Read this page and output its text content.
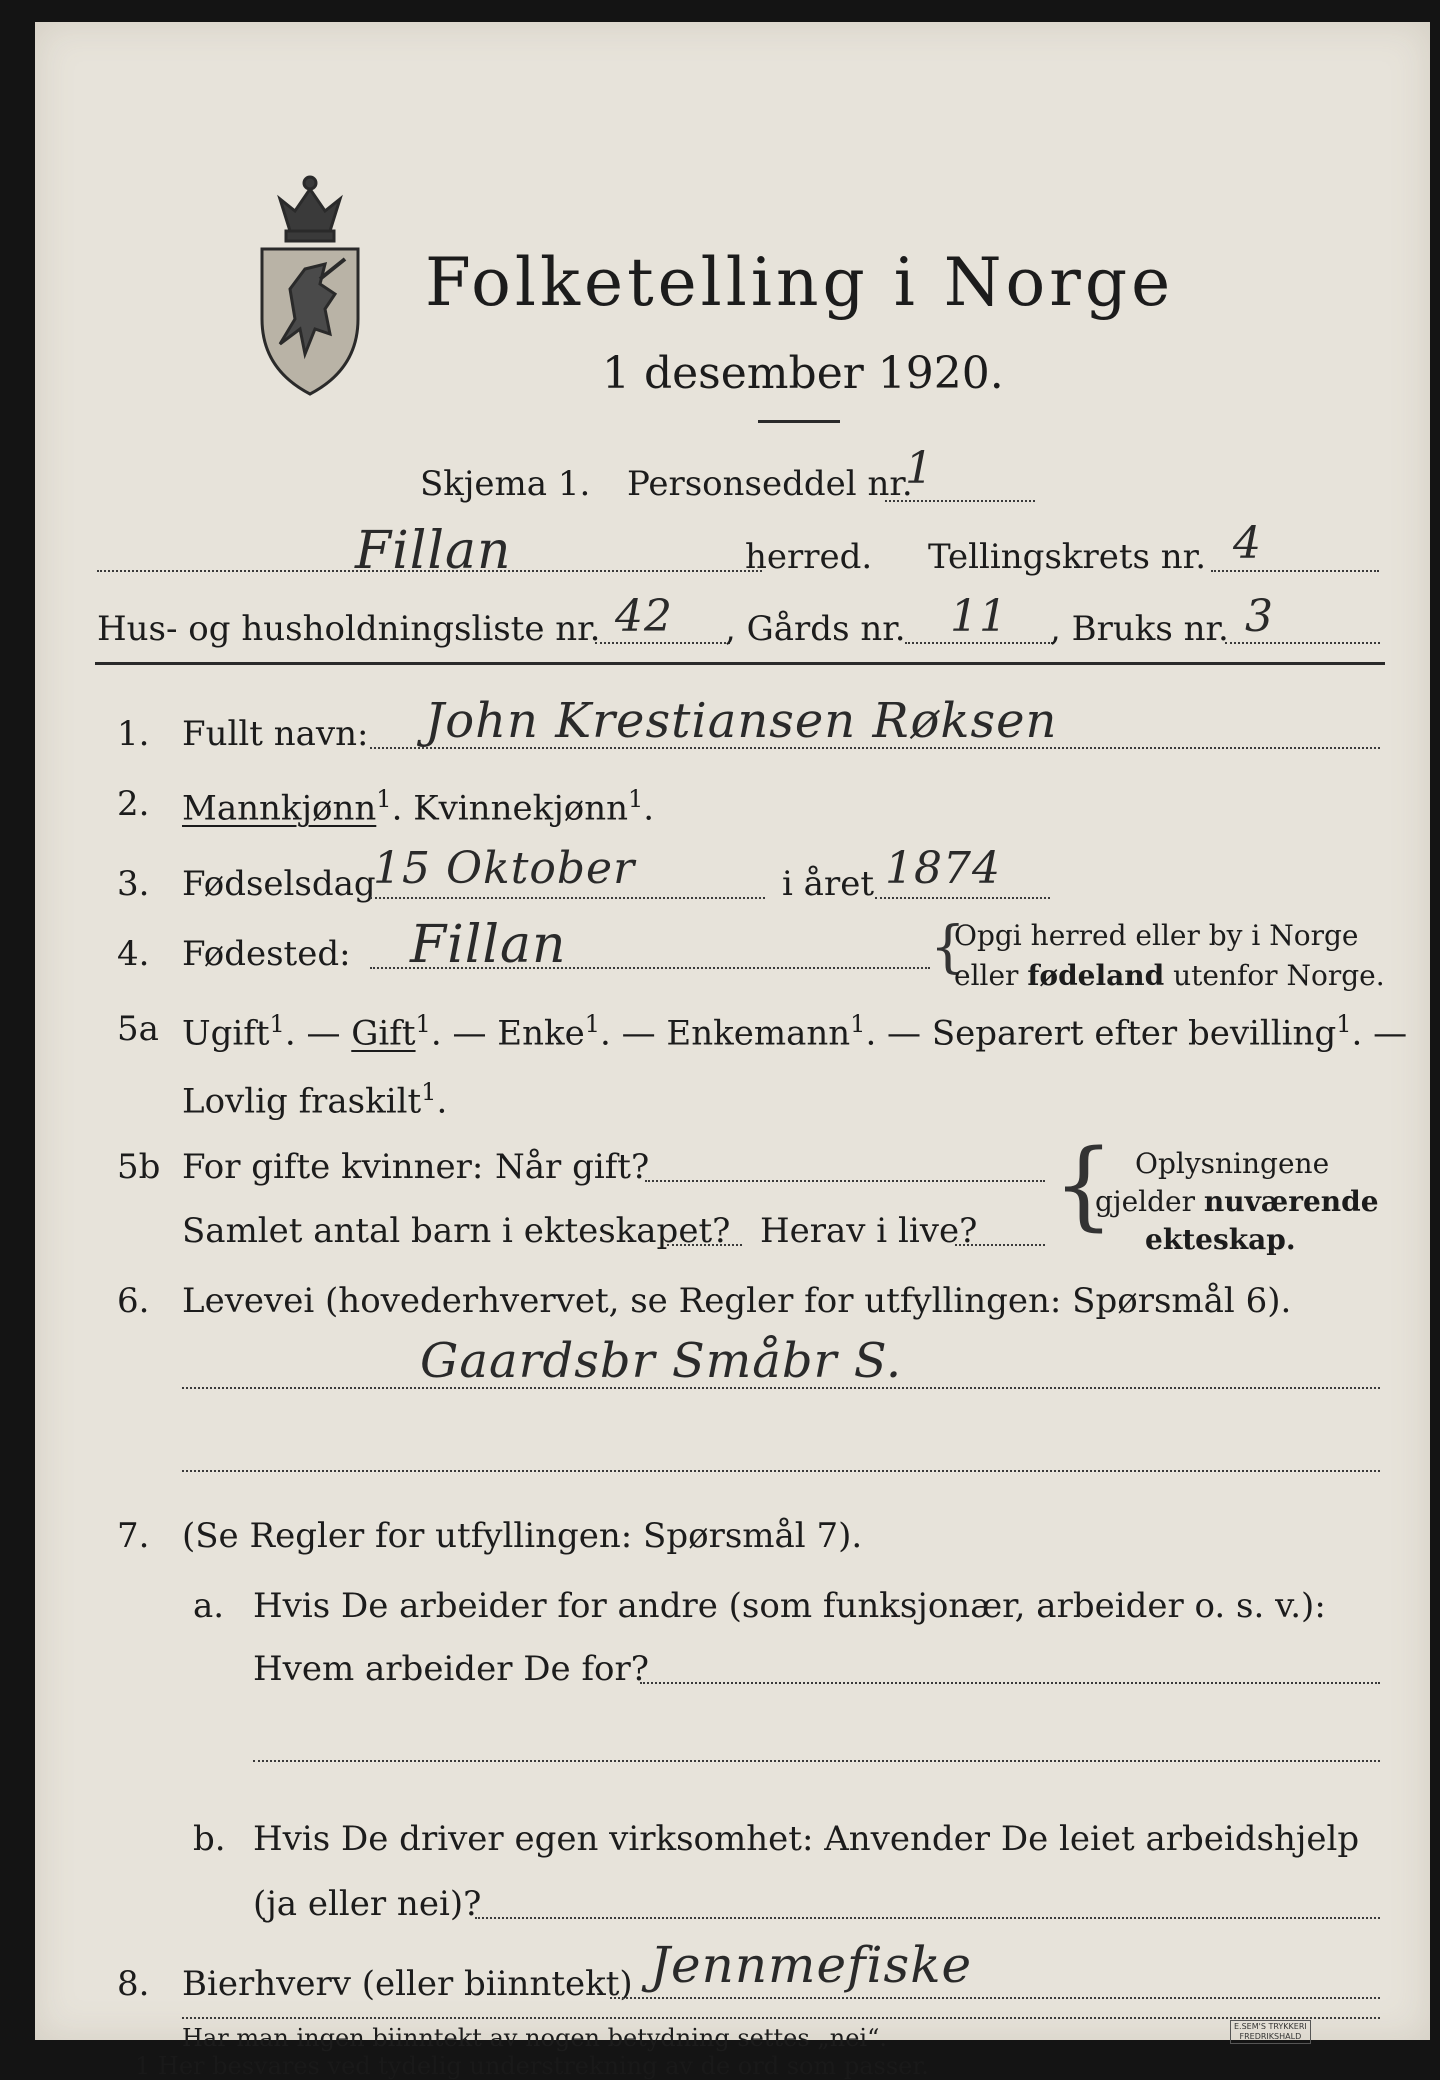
Folketelling i Norge
1 desember 1920.
Skjema 1. Personseddel nr.
1
Fillan	herred. Tellingskrets nr. 4
Hus- og husholdningsliste nr. 42 , Gårds nr. 11 , Bruks nr. 3
1. Fullt navn: John Krestiansen Røksen
2. Mannkjønn$^1$. Kvinnekjønn$^1$.
3. Fødselsdag
15 Oktober	i året 1874
4. Fødested: Fillan	{
Opgi herred eller by i Norge
eller fødeland utenfor Norge.
5a Ugift$^1$. — Gift$^1$. — Enke$^1$. — Enkemann$^1$. — Separert efter bevilling$^1$. —
Lovlig fraskilt$^1$.
5b For gifte kvinner: Når gift?
Samlet antal barn i ekteskapet? Herav i live? { Oplysningene
gjelder nuværende
ekteskap.
6. Levevei (hovederhvervet, se Regler for utfyllingen: Spørsmål 6).
Gaardsbr Småbr S.
7. (Se Regler for utfyllingen: Spørsmål 7).
a. Hvis De arbeider for andre (som funksjonær, arbeider o. s. v.):
Hvem arbeider De for?
b. Hvis De driver egen virksomhet: Anvender De leiet arbeidshjelp
(ja eller nei)?
8. Bierhverv (eller biinntekt) Jennmefiske
Har man ingen biinntekt av nogen betydning settes „nei“.
1 Her besvares ved tydelig understrekning av de ord som passer.
E.SEM'S TRYKKERI
FREDRIKSHALD
